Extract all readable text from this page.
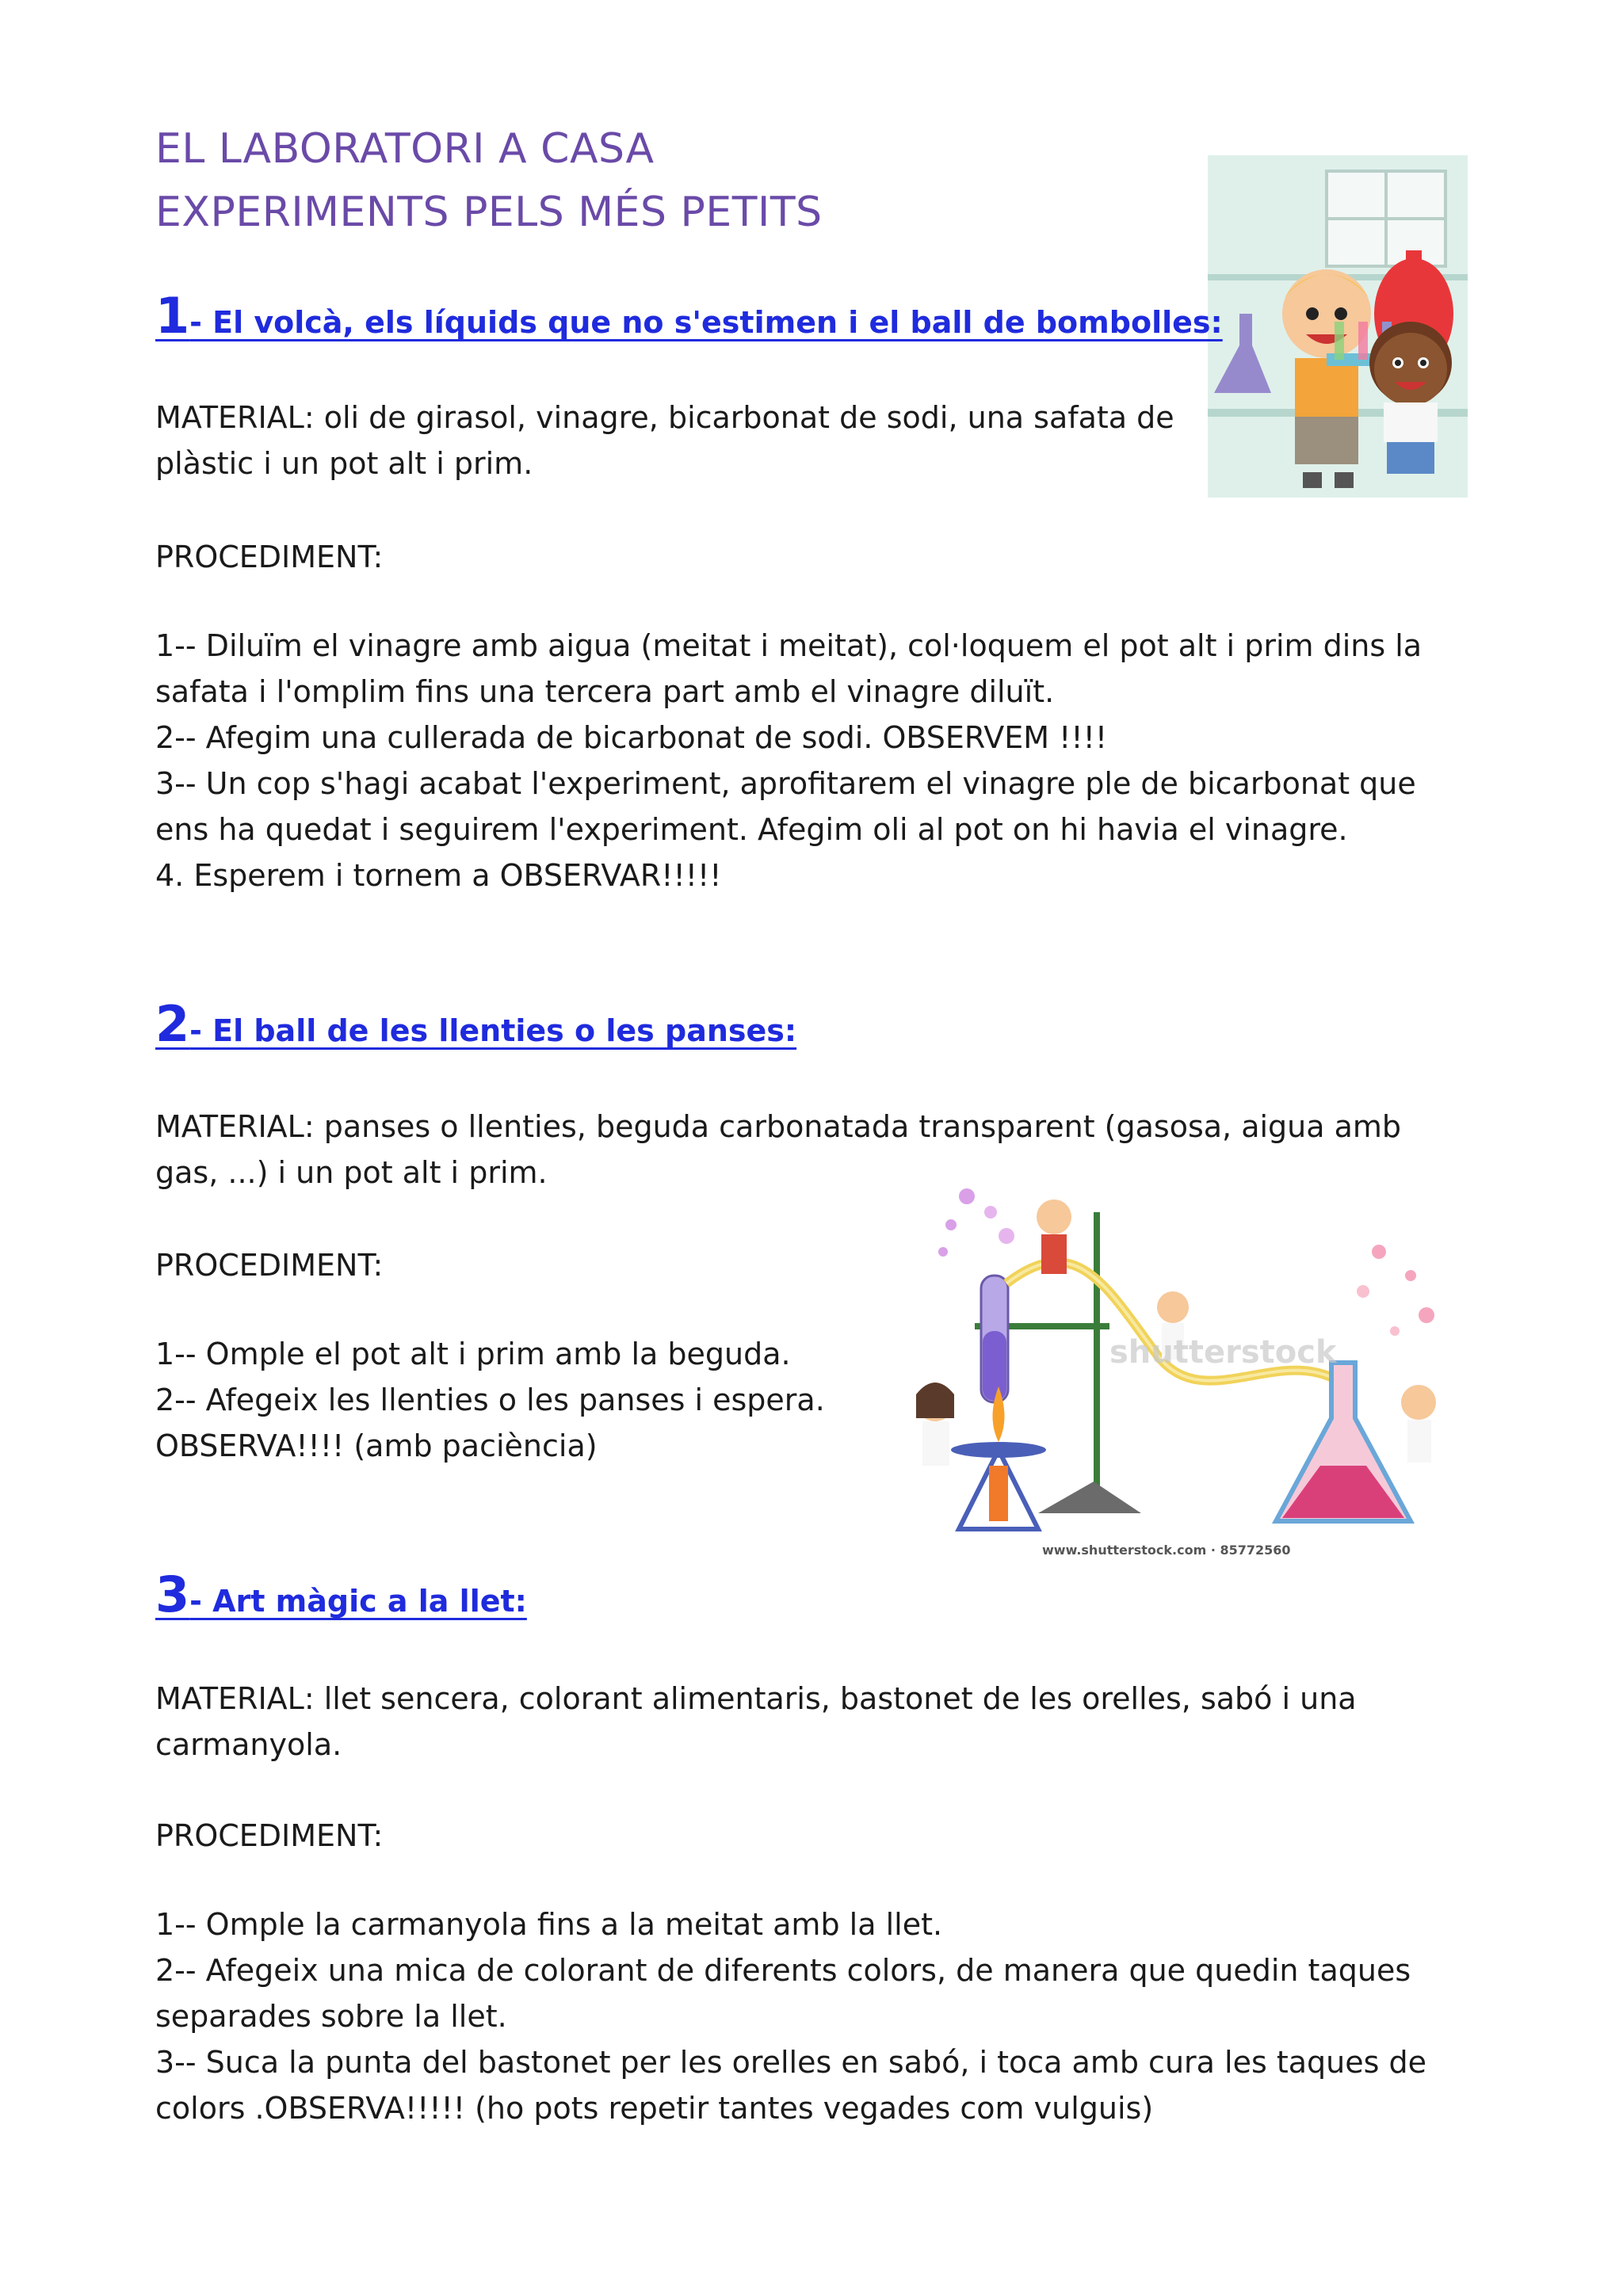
EL LABORATORI A CASA
EXPERIMENTS PELS MÉS PETITS
1- El volcà, els líquids que no s'estimen i el ball de bombolles:
MATERIAL: oli de girasol, vinagre, bicarbonat de sodi, una safata de
plàstic i un pot alt i prim.
PROCEDIMENT:
1-- Diluïm el vinagre amb aigua (meitat i meitat), col·loquem el pot alt i prim dins la
safata i l'omplim fins una tercera part amb el vinagre diluït.
2-- Afegim una cullerada de bicarbonat de sodi. OBSERVEM !!!!
3-- Un cop s'hagi acabat l'experiment, aprofitarem el vinagre ple de bicarbonat que
ens ha quedat i seguirem l'experiment. Afegim oli al pot on hi havia el vinagre.
4. Esperem i tornem a OBSERVAR!!!!!
2- El ball de les llenties o les panses:
MATERIAL: panses o llenties, beguda carbonatada transparent (gasosa, aigua amb
gas, ...) i un pot alt i prim.
PROCEDIMENT:
1-- Omple el pot alt i prim amb la beguda.
2-- Afegeix les llenties o les panses i espera.
OBSERVA!!!! (amb paciència)
shutterstock
www.shutterstock.com · 85772560
3- Art màgic a la llet:
MATERIAL: llet sencera, colorant alimentaris, bastonet de les orelles, sabó i una
carmanyola.
PROCEDIMENT:
1-- Omple la carmanyola fins a la meitat amb la llet.
2-- Afegeix una mica de colorant de diferents colors, de manera que quedin taques
separades sobre la llet.
3-- Suca la punta del bastonet per les orelles en sabó, i toca amb cura les taques de
colors .OBSERVA!!!!! (ho pots repetir tantes vegades com vulguis)
